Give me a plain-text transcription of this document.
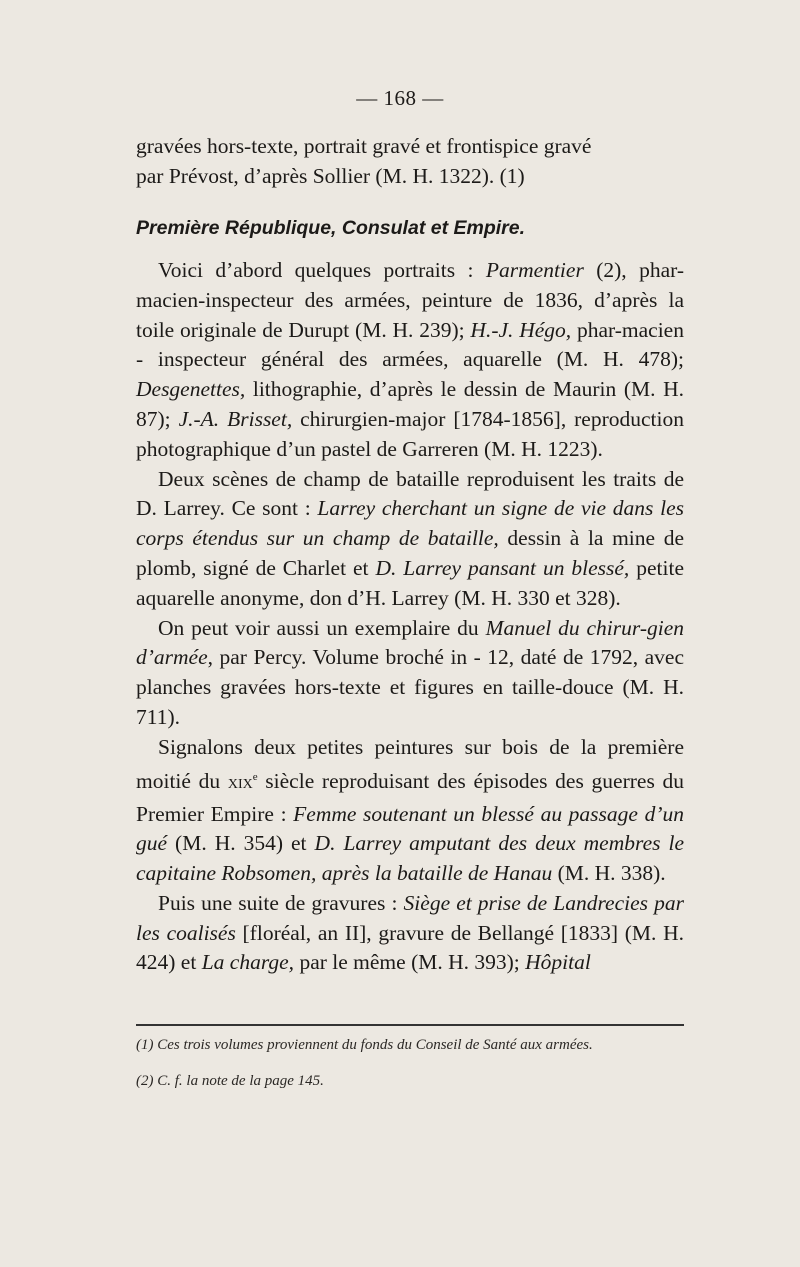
— 168 —

gravées hors-texte, portrait gravé et frontispice gravé

par Prévost, d’après Sollier (M. H. 1322). (1)

Première République, Consulat et Empire.

Voici d’abord quelques portraits : Parmentier (2), phar-macien-inspecteur des armées, peinture de 1836, d’après la toile originale de Durupt (M. H. 239); H.-J. Hégo, phar-macien - inspecteur général des armées, aquarelle (M. H. 478); Desgenettes, lithographie, d’après le dessin de Maurin (M. H. 87); J.-A. Brisset, chirurgien-major [1784-1856], reproduction photographique d’un pastel de Garreren (M. H. 1223).

Deux scènes de champ de bataille reproduisent les traits de D. Larrey. Ce sont : Larrey cherchant un signe de vie dans les corps étendus sur un champ de bataille, dessin à la mine de plomb, signé de Charlet et D. Larrey pansant un blessé, petite aquarelle anonyme, don d’H. Larrey (M. H. 330 et 328).

On peut voir aussi un exemplaire du Manuel du chirur-gien d’armée, par Percy. Volume broché in - 12, daté de 1792, avec planches gravées hors-texte et figures en taille-douce (M. H. 711).

Signalons deux petites peintures sur bois de la première moitié du XIXe siècle reproduisant des épisodes des guerres du Premier Empire : Femme soutenant un blessé au passage d’un gué (M. H. 354) et D. Larrey amputant des deux membres le capitaine Robsomen, après la bataille de Hanau (M. H. 338).

Puis une suite de gravures : Siège et prise de Landrecies par les coalisés [floréal, an II], gravure de Bellangé [1833] (M. H. 424) et La charge, par le même (M. H. 393); Hôpital

(1) Ces trois volumes proviennent du fonds du Conseil de Santé aux armées.

(2) C. f. la note de la page 145.
